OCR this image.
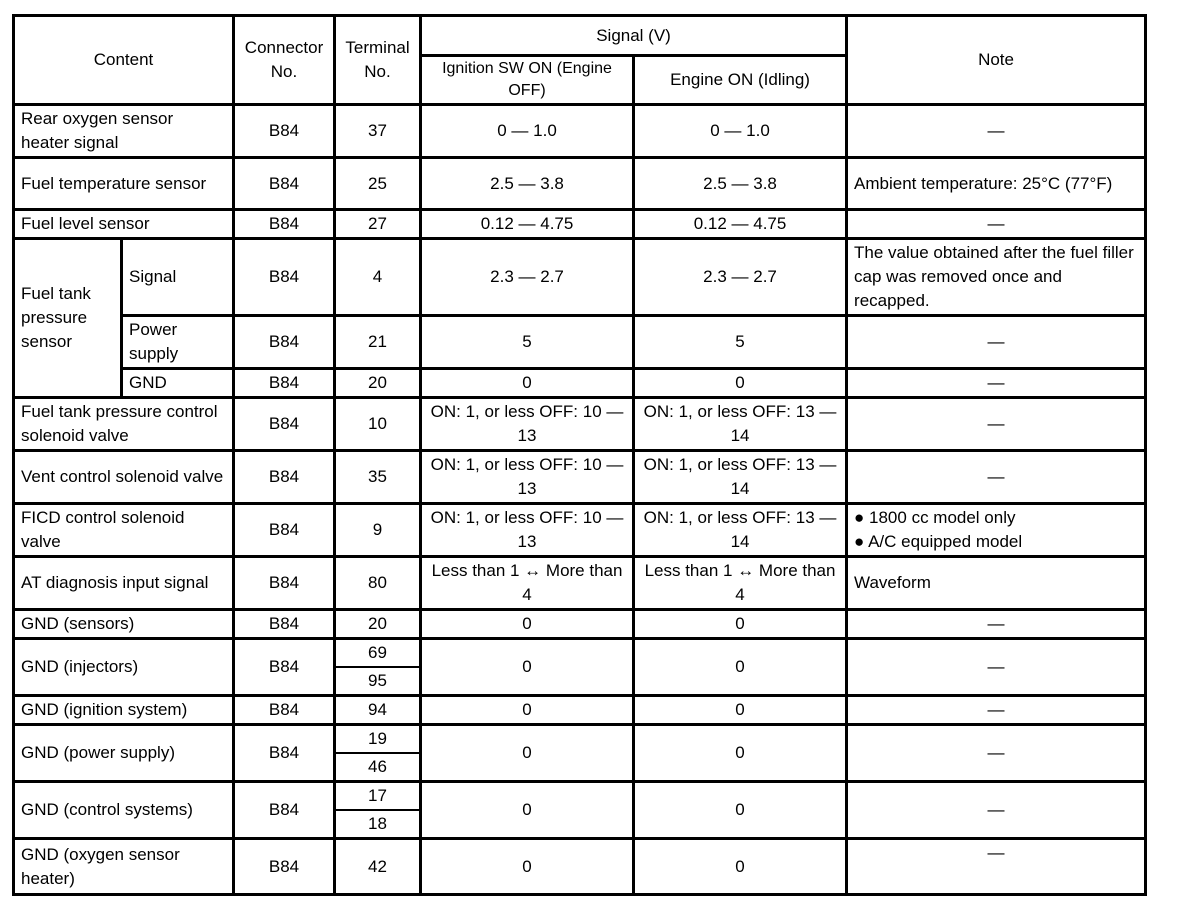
Content		Connector No.	Terminal No.	Signal (V)		Note
				Ignition SW ON (Engine OFF)	Engine ON (Idling)	
Rear oxygen sensor heater signal		B84	37	0 — 1.0	0 — 1.0	—
Fuel temperature sensor		B84	25	2.5 — 3.8	2.5 — 3.8	Ambient temperature: 25°C (77°F)
Fuel level sensor		B84	27	0.12 — 4.75	0.12 — 4.75	—
Fuel tank pressure sensor	Signal	B84	4	2.3 — 2.7	2.3 — 2.7	The value obtained after the fuel filler cap was removed once and recapped.
	Power supply	B84	21	5	5	—
	GND	B84	20	0	0	—
Fuel tank pressure control solenoid valve		B84	10	ON: 1, or less OFF: 10 — 13	ON: 1, or less OFF: 13 — 14	—
Vent control solenoid valve		B84	35	ON: 1, or less OFF: 10 — 13	ON: 1, or less OFF: 13 — 14	—
FICD control solenoid valve		B84	9	ON: 1, or less OFF: 10 — 13	ON: 1, or less OFF: 13 — 14	● 1800 cc model only
● A/C equipped model

AT diagnosis input signal		B84	80	Less than 1 ↔ More than 4	Less than 1 ↔ More than 4	Waveform
GND (sensors)		B84	20	0	0	—
GND (injectors)		B84	69	0	0	—
			95			
GND (ignition system)		B84	94	0	0	—
GND (power supply)		B84	19	0	0	—
			46			
GND (control systems)		B84	17	0	0	—
			18			
GND (oxygen sensor heater)		B84	42	0	0	—
